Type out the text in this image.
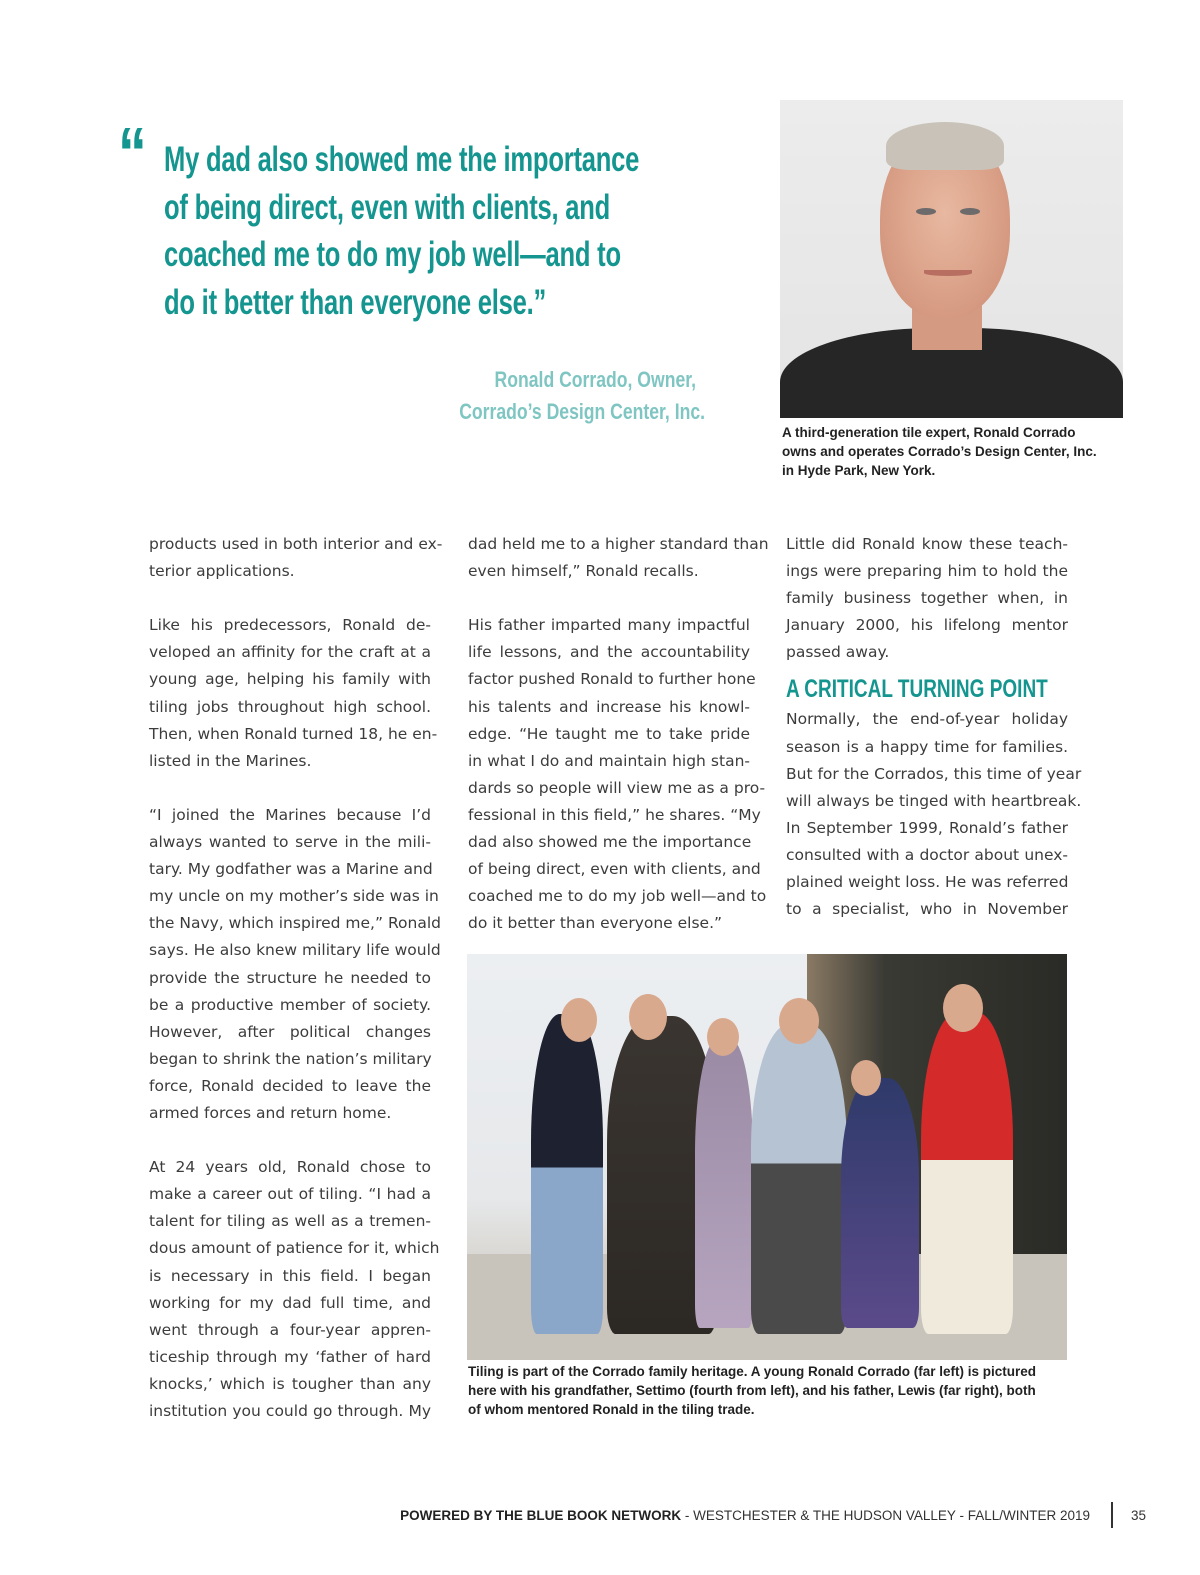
“ My dad also showed me the importance
of being direct, even with clients, and
coached me to do my job well—and to
do it better than everyone else.”

Ronald Corrado, Owner,
Corrado’s Design Center, Inc.

A third-generation tile expert, Ronald Corrado
owns and operates Corrado’s Design Center, Inc.
in Hyde Park, New York.

products used in both interior and ex-
terior applications.
Like his predecessors, Ronald de-
veloped an affinity for the craft at a
young age, helping his family with
tiling jobs throughout high school.
Then, when Ronald turned 18, he en-
listed in the Marines.
“I joined the Marines because I’d
always wanted to serve in the mili-
tary. My godfather was a Marine and
my uncle on my mother’s side was in
the Navy, which inspired me,” Ronald
says. He also knew military life would
provide the structure he needed to
be a productive member of society.
However, after political changes
began to shrink the nation’s military
force, Ronald decided to leave the
armed forces and return home.
At 24 years old, Ronald chose to
make a career out of tiling. “I had a
talent for tiling as well as a tremen-
dous amount of patience for it, which
is necessary in this field. I began
working for my dad full time, and
went through a four-year appren-
ticeship through my ‘father of hard
knocks,’ which is tougher than any
institution you could go through. My
dad held me to a higher standard than
even himself,” Ronald recalls.
His father imparted many impactful
life lessons, and the accountability
factor pushed Ronald to further hone
his talents and increase his knowl-
edge. “He taught me to take pride
in what I do and maintain high stan-
dards so people will view me as a pro-
fessional in this field,” he shares. “My
dad also showed me the importance
of being direct, even with clients, and
coached me to do my job well—and to
do it better than everyone else.”
Little did Ronald know these teach-
ings were preparing him to hold the
family business together when, in
January 2000, his lifelong mentor
passed away.
A CRITICAL TURNING POINT
Normally, the end-of-year holiday
season is a happy time for families.
But for the Corrados, this time of year
will always be tinged with heartbreak.
In September 1999, Ronald’s father
consulted with a doctor about unex-
plained weight loss. He was referred
to a specialist, who in November

Tiling is part of the Corrado family heritage. A young Ronald Corrado (far left) is pictured
here with his grandfather, Settimo (fourth from left), and his father, Lewis (far right), both
of whom mentored Ronald in the tiling trade.

POWERED BY THE BLUE BOOK NETWORK - WESTCHESTER & THE HUDSON VALLEY - FALL/WINTER 2019	35
